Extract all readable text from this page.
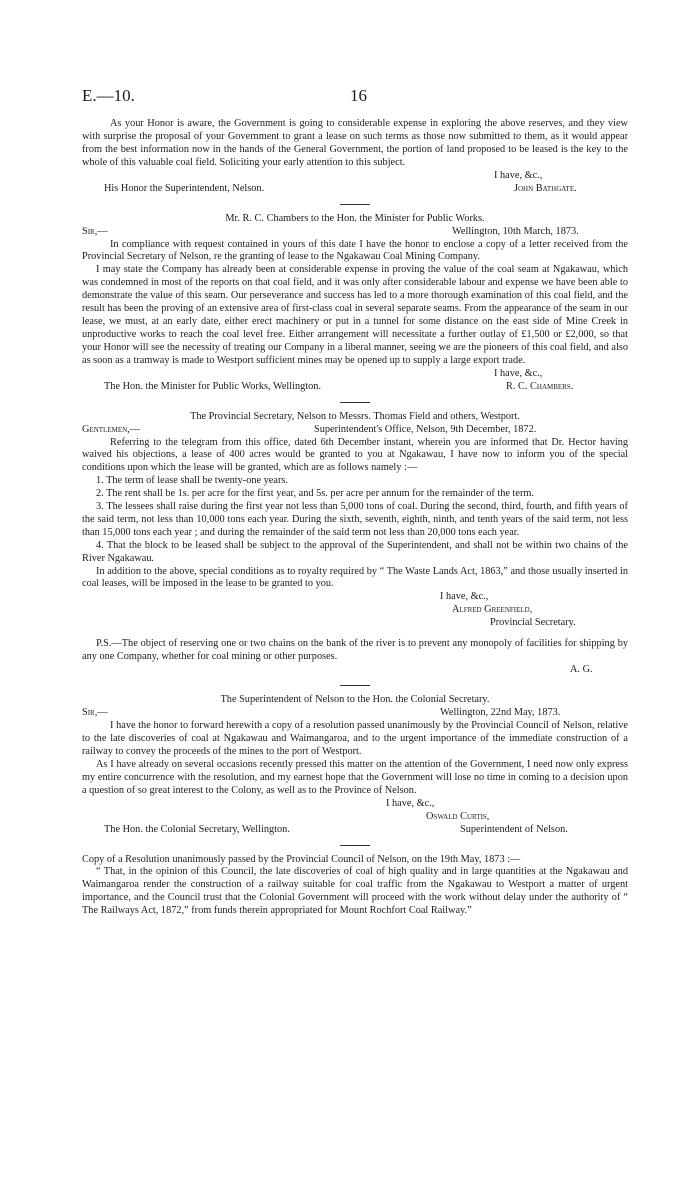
E.—10.	16

As your Honor is aware, the Government is going to considerable expense in exploring the above reserves, and they view with surprise the proposal of your Government to grant a lease on such terms as those now submitted to them, as it would appear from the best information now in the hands of the General Government, the portion of land proposed to be leased is the key to the whole of this valuable coal field. Soliciting your early attention to this subject.

I have, &c.,
His Honor the Superintendent, Nelson.	John Bathgate.

Mr. R. C. Chambers to the Hon. the Minister for Public Works.

Sir,—	Wellington, 10th March, 1873.

In compliance with request contained in yours of this date I have the honor to enclose a copy of a letter received from the Provincial Secretary of Nelson, re the granting of lease to the Ngakawau Coal Mining Company.

I may state the Company has already been at considerable expense in proving the value of the coal seam at Ngakawau, which was condemned in most of the reports on that coal field, and it was only after considerable labour and expense we have been able to demonstrate the value of this seam. Our perseverance and success has led to a more thorough examination of this coal field, and the result has been the proving of an extensive area of first-class coal in several separate seams. From the appearance of the seam in our lease, we must, at an early date, either erect machinery or put in a tunnel for some distance on the east side of Mine Creek in unproductive works to reach the coal level free. Either arrangement will necessitate a further outlay of £1,500 or £2,000, so that your Honor will see the necessity of treating our Company in a liberal manner, seeing we are the pioneers of this coal field, and also as soon as a tramway is made to Westport sufficient mines may be opened up to supply a large export trade.

I have, &c.,
The Hon. the Minister for Public Works, Wellington.	R. C. Chambers.

The Provincial Secretary, Nelson to Messrs. Thomas Field and others, Westport.

Gentlemen,—	Superintendent's Office, Nelson, 9th December, 1872.

Referring to the telegram from this office, dated 6th December instant, wherein you are informed that Dr. Hector having waived his objections, a lease of 400 acres would be granted to you at Ngakawau, I have now to inform you of the special conditions upon which the lease will be granted, which are as follows namely :—

1. The term of lease shall be twenty-one years.

2. The rent shall be 1s. per acre for the first year, and 5s. per acre per annum for the remainder of the term.

3. The lessees shall raise during the first year not less than 5,000 tons of coal. During the second, third, fourth, and fifth years of the said term, not less than 10,000 tons each year. During the sixth, seventh, eighth, ninth, and tenth years of the said term, not less than 15,000 tons each year ; and during the remainder of the said term not less than 20,000 tons each year.

4. That the block to be leased shall be subject to the approval of the Superintendent, and shall not be within two chains of the River Ngakawau.

In addition to the above, special conditions as to royalty required by “ The Waste Lands Act, 1863,” and those usually inserted in coal leases, will be imposed in the lease to be granted to you.

I have, &c.,
Alfred Greenfield,
Provincial Secretary.

P.S.—The object of reserving one or two chains on the bank of the river is to prevent any monopoly of facilities for shipping by any one Company, whether for coal mining or other purposes.

A. G.

The Superintendent of Nelson to the Hon. the Colonial Secretary.

Sir,—	Wellington, 22nd May, 1873.

I have the honor to forward herewith a copy of a resolution passed unanimously by the Provincial Council of Nelson, relative to the late discoveries of coal at Ngakawau and Waimangaroa, and to the urgent importance of the immediate construction of a railway to convey the proceeds of the mines to the port of Westport.

As I have already on several occasions recently pressed this matter on the attention of the Government, I need now only express my entire concurrence with the resolution, and my earnest hope that the Government will lose no time in coming to a decision upon a question of so great interest to the Colony, as well as to the Province of Nelson.

I have, &c.,
Oswald Curtis,
The Hon. the Colonial Secretary, Wellington.	Superintendent of Nelson.

Copy of a Resolution unanimously passed by the Provincial Council of Nelson, on the 19th May, 1873 :—

“ That, in the opinion of this Council, the late discoveries of coal of high quality and in large quantities at the Ngakawau and Waimangaroa render the construction of a railway suitable for coal traffic from the Ngakawau to Westport a matter of urgent importance, and the Council trust that the Colonial Government will proceed with the work without delay under the authority of “ The Railways Act, 1872,” from funds therein appropriated for Mount Rochfort Coal Railway.”
